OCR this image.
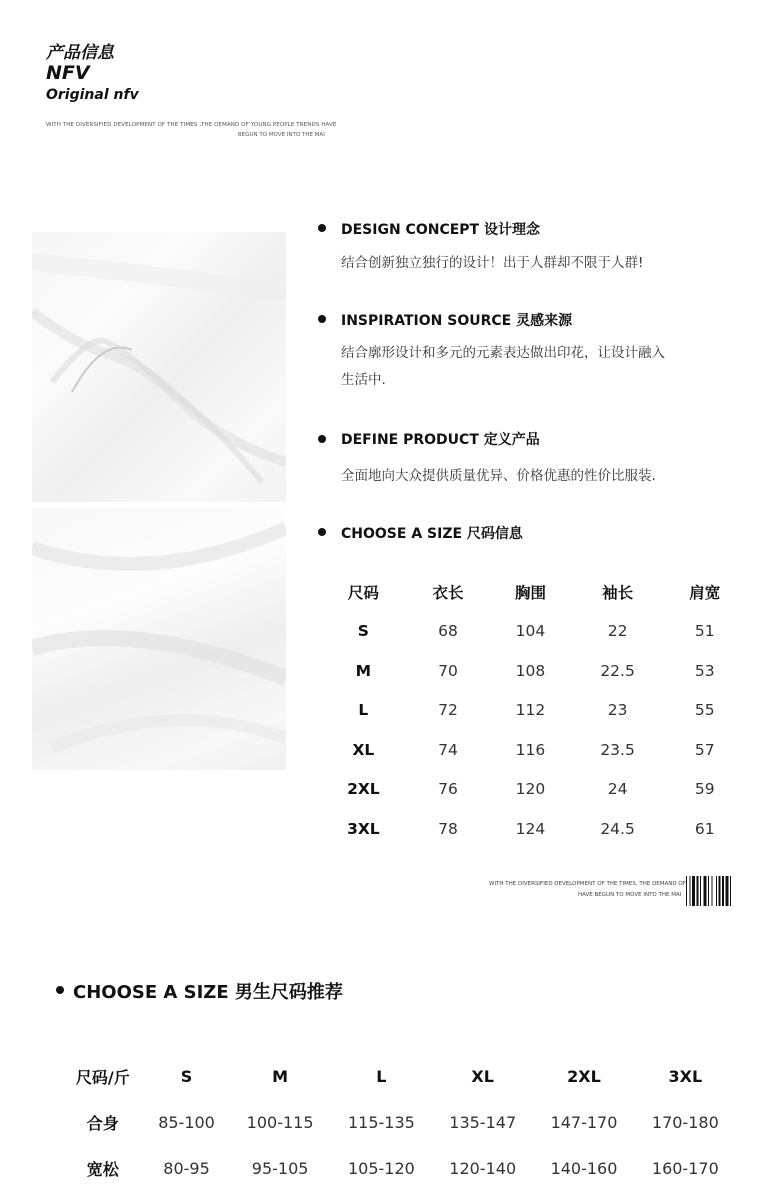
产品信息
NFV
Original nfv
WITH THE DIVERSIFIED DEVELOPMENT OF THE TIMES ,THE DEMAND OF YOUNG PEOPLE TRENDS HAVE
BEGUN TO MOVE INTO THE MAI
DESIGN CONCEPT 设计理念
结合创新独立独行的设计！出于人群却不限于人群!
INSPIRATION SOURCE 灵感来源
结合廓形设计和多元的元素表达做出印花，让设计融入
生活中.
DEFINE PRODUCT 定义产品
全面地向大众提供质量优异、价格优惠的性价比服装.
CHOOSE A SIZE 尺码信息
尺码	衣长	胸围	袖长	肩宽
S	68	104	22	51
M	70	108	22.5	53
L	72	112	23	55
XL	74	116	23.5	57
2XL	76	120	24	59
3XL	78	124	24.5	61
WITH THE DIVERSIFIED DEVELOPMENT OF THE TIMES, THE DEMAND OF
HAVE BEGUN TO MOVE INTO THE MAI
CHOOSE A SIZE 男生尺码推荐
尺码/斤	S	M	L	XL	2XL	3XL
合身	85-100	100-115	115-135	135-147	147-170	170-180
宽松	80-95	95-105	105-120	120-140	140-160	160-170
